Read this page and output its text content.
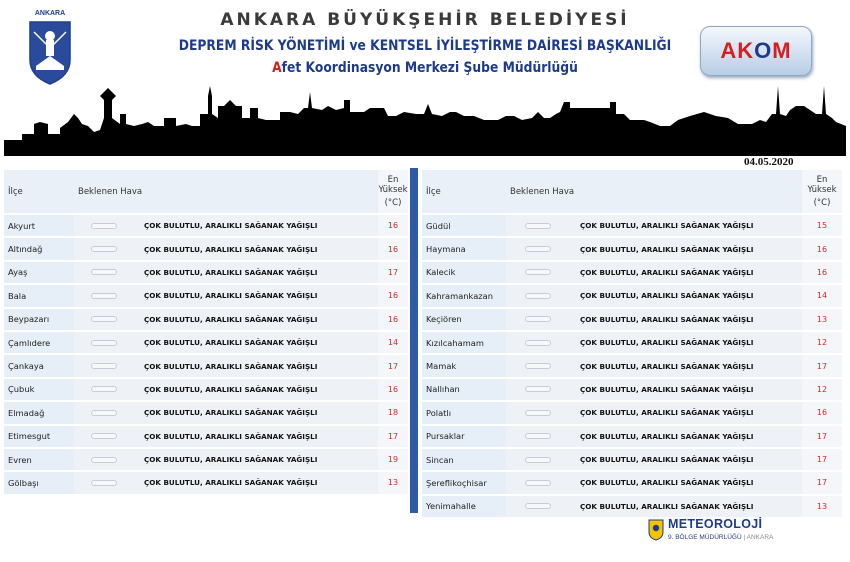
ANKARA	ANKARA BÜYÜKŞEHİR BELEDİYESİ
DEPREM RİSK YÖNETİMİ ve KENTSEL İYİLEŞTİRME DAİRESİ BAŞKANLIĞI
Afet Koordinasyon Merkezi Şube Müdürlüğü
AKOM
04.05.2020
İlçe	Beklenen Hava		En
Yüksek
(°C)

Akyurt		ÇOK BULUTLU, ARALIKLI SAĞANAK YAĞIŞLI	16
Altındağ		ÇOK BULUTLU, ARALIKLI SAĞANAK YAĞIŞLI	16
Ayaş		ÇOK BULUTLU, ARALIKLI SAĞANAK YAĞIŞLI	17
Bala		ÇOK BULUTLU, ARALIKLI SAĞANAK YAĞIŞLI	16
Beypazarı		ÇOK BULUTLU, ARALIKLI SAĞANAK YAĞIŞLI	16
Çamlıdere		ÇOK BULUTLU, ARALIKLI SAĞANAK YAĞIŞLI	14
Çankaya		ÇOK BULUTLU, ARALIKLI SAĞANAK YAĞIŞLI	17
Çubuk		ÇOK BULUTLU, ARALIKLI SAĞANAK YAĞIŞLI	16
Elmadağ		ÇOK BULUTLU, ARALIKLI SAĞANAK YAĞIŞLI	18
Etimesgut		ÇOK BULUTLU, ARALIKLI SAĞANAK YAĞIŞLI	17
Evren		ÇOK BULUTLU, ARALIKLI SAĞANAK YAĞIŞLI	19
Gölbaşı		ÇOK BULUTLU, ARALIKLI SAĞANAK YAĞIŞLI	13
İlçe	Beklenen Hava		En
Yüksek
(°C)

Güdül		ÇOK BULUTLU, ARALIKLI SAĞANAK YAĞIŞLI	15
Haymana		ÇOK BULUTLU, ARALIKLI SAĞANAK YAĞIŞLI	16
Kalecik		ÇOK BULUTLU, ARALIKLI SAĞANAK YAĞIŞLI	16
Kahramankazan		ÇOK BULUTLU, ARALIKLI SAĞANAK YAĞIŞLI	14
Keçiören		ÇOK BULUTLU, ARALIKLI SAĞANAK YAĞIŞLI	13
Kızılcahamam		ÇOK BULUTLU, ARALIKLI SAĞANAK YAĞIŞLI	12
Mamak		ÇOK BULUTLU, ARALIKLI SAĞANAK YAĞIŞLI	17
Nallıhan		ÇOK BULUTLU, ARALIKLI SAĞANAK YAĞIŞLI	12
Polatlı		ÇOK BULUTLU, ARALIKLI SAĞANAK YAĞIŞLI	16
Pursaklar		ÇOK BULUTLU, ARALIKLI SAĞANAK YAĞIŞLI	17
Sincan		ÇOK BULUTLU, ARALIKLI SAĞANAK YAĞIŞLI	17
Şereflikoçhisar		ÇOK BULUTLU, ARALIKLI SAĞANAK YAĞIŞLI	17
Yenimahalle		ÇOK BULUTLU, ARALIKLI SAĞANAK YAĞIŞLI	13
METEOROLOJİ
9. BÖLGE MÜDÜRLÜĞÜ | ANKARA
